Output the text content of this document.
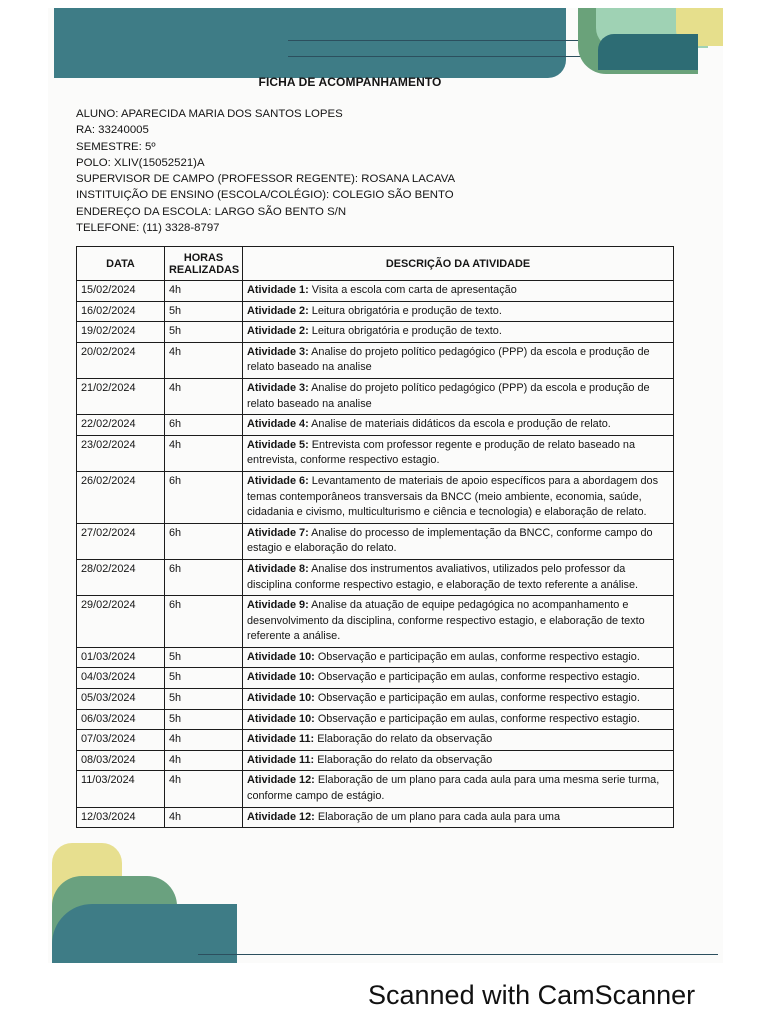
FICHA DE ACOMPANHAMENTO
ALUNO: APARECIDA MARIA DOS SANTOS LOPES
RA: 33240005
SEMESTRE: 5º
POLO: XLIV(15052521)A
SUPERVISOR DE CAMPO (PROFESSOR REGENTE): ROSANA LACAVA
INSTITUIÇÃO DE ENSINO (ESCOLA/COLÉGIO): COLEGIO SÃO BENTO
ENDEREÇO DA ESCOLA: LARGO SÃO BENTO S/N
TELEFONE: (11) 3328-8797
DATA	HORAS REALIZADAS	DESCRIÇÃO DA ATIVIDADE
15/02/2024	4h	Atividade 1: Visita a escola com carta de apresentação
16/02/2024	5h	Atividade 2: Leitura obrigatória e produção de texto.
19/02/2024	5h	Atividade 2: Leitura obrigatória e produção de texto.
20/02/2024	4h	Atividade 3: Analise do projeto político pedagógico (PPP) da escola e produção de relato baseado na analise
21/02/2024	4h	Atividade 3: Analise do projeto político pedagógico (PPP) da escola e produção de relato baseado na analise
22/02/2024	6h	Atividade 4: Analise de materiais didáticos da escola e produção de relato.
23/02/2024	4h	Atividade 5: Entrevista com professor regente e produção de relato baseado na entrevista, conforme respectivo estagio.
26/02/2024	6h	Atividade 6: Levantamento de materiais de apoio específicos para a abordagem dos temas contemporâneos transversais da BNCC (meio ambiente, economia, saúde, cidadania e civismo, multiculturismo e ciência e tecnologia) e elaboração de relato.
27/02/2024	6h	Atividade 7: Analise do processo de implementação da BNCC, conforme campo do estagio e elaboração do relato.
28/02/2024	6h	Atividade 8: Analise dos instrumentos avaliativos, utilizados pelo professor da disciplina conforme respectivo estagio, e elaboração de texto referente a análise.
29/02/2024	6h	Atividade 9: Analise da atuação de equipe pedagógica no acompanhamento e desenvolvimento da disciplina, conforme respectivo estagio, e elaboração de texto referente a análise.
01/03/2024	5h	Atividade 10: Observação e participação em aulas, conforme respectivo estagio.
04/03/2024	5h	Atividade 10: Observação e participação em aulas, conforme respectivo estagio.
05/03/2024	5h	Atividade 10: Observação e participação em aulas, conforme respectivo estagio.
06/03/2024	5h	Atividade 10: Observação e participação em aulas, conforme respectivo estagio.
07/03/2024	4h	Atividade 11: Elaboração do relato da observação
08/03/2024	4h	Atividade 11: Elaboração do relato da observação
11/03/2024	4h	Atividade 12: Elaboração de um plano para cada aula para uma mesma serie turma, conforme campo de estágio.
12/03/2024	4h	Atividade 12: Elaboração de um plano para cada aula para uma
Scanned with CamScanner
